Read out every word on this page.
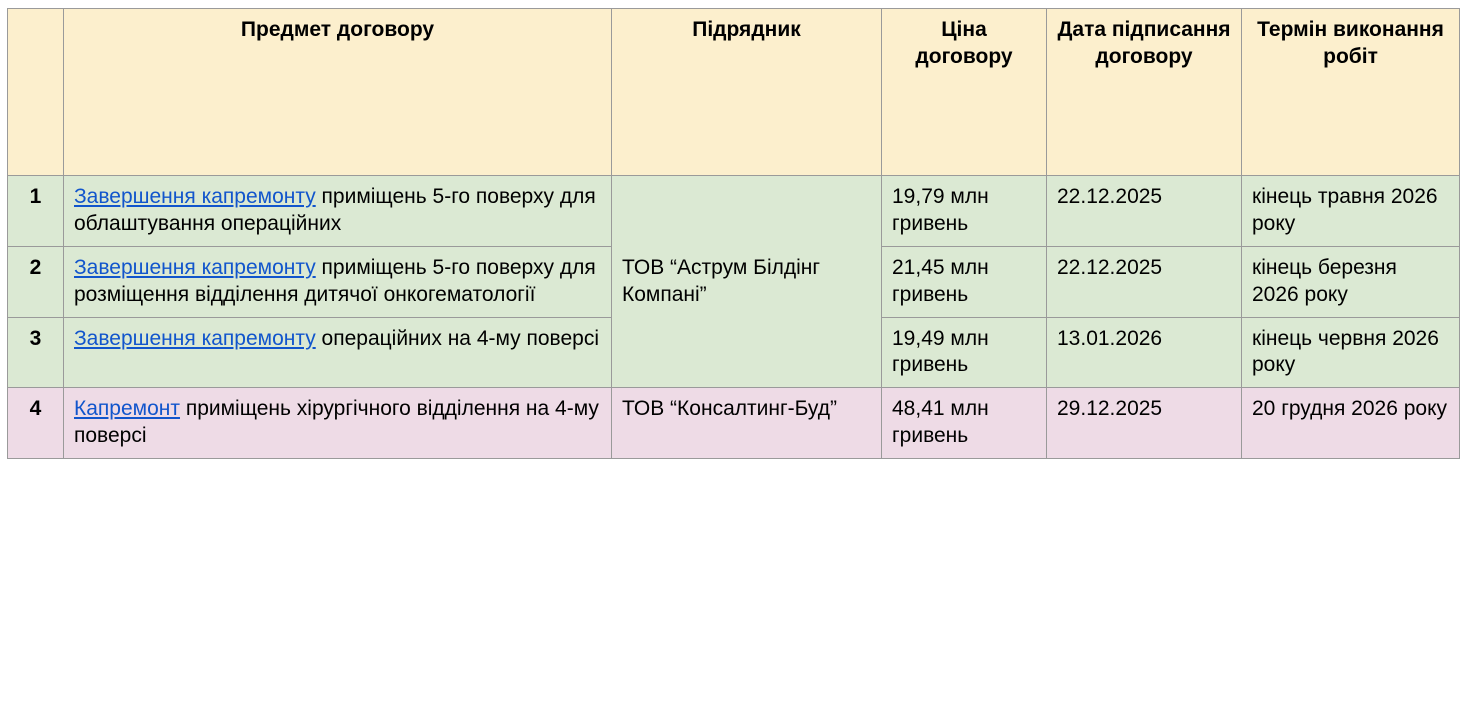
	Предмет договору	Підрядник	Ціна договору	Дата підписання договору	Термін виконання робіт
1	Завершення капремонту приміщень 5-го поверху для облаштування операційних	ТОВ “Аструм Білдінг Компані”	19,79 млн гривень	22.12.2025	кінець травня 2026 року
2	Завершення капремонту приміщень 5-го поверху для розміщення відділення дитячої онкогематології		21,45 млн гривень	22.12.2025	кінець березня 2026 року
3	Завершення капремонту операційних на 4-му поверсі		19,49 млн гривень	13.01.2026	кінець червня 2026 року
4	Капремонт приміщень хірургічного відділення на 4-му поверсі	ТОВ “Консалтинг-Буд”	48,41 млн гривень	29.12.2025	20 грудня 2026 року
